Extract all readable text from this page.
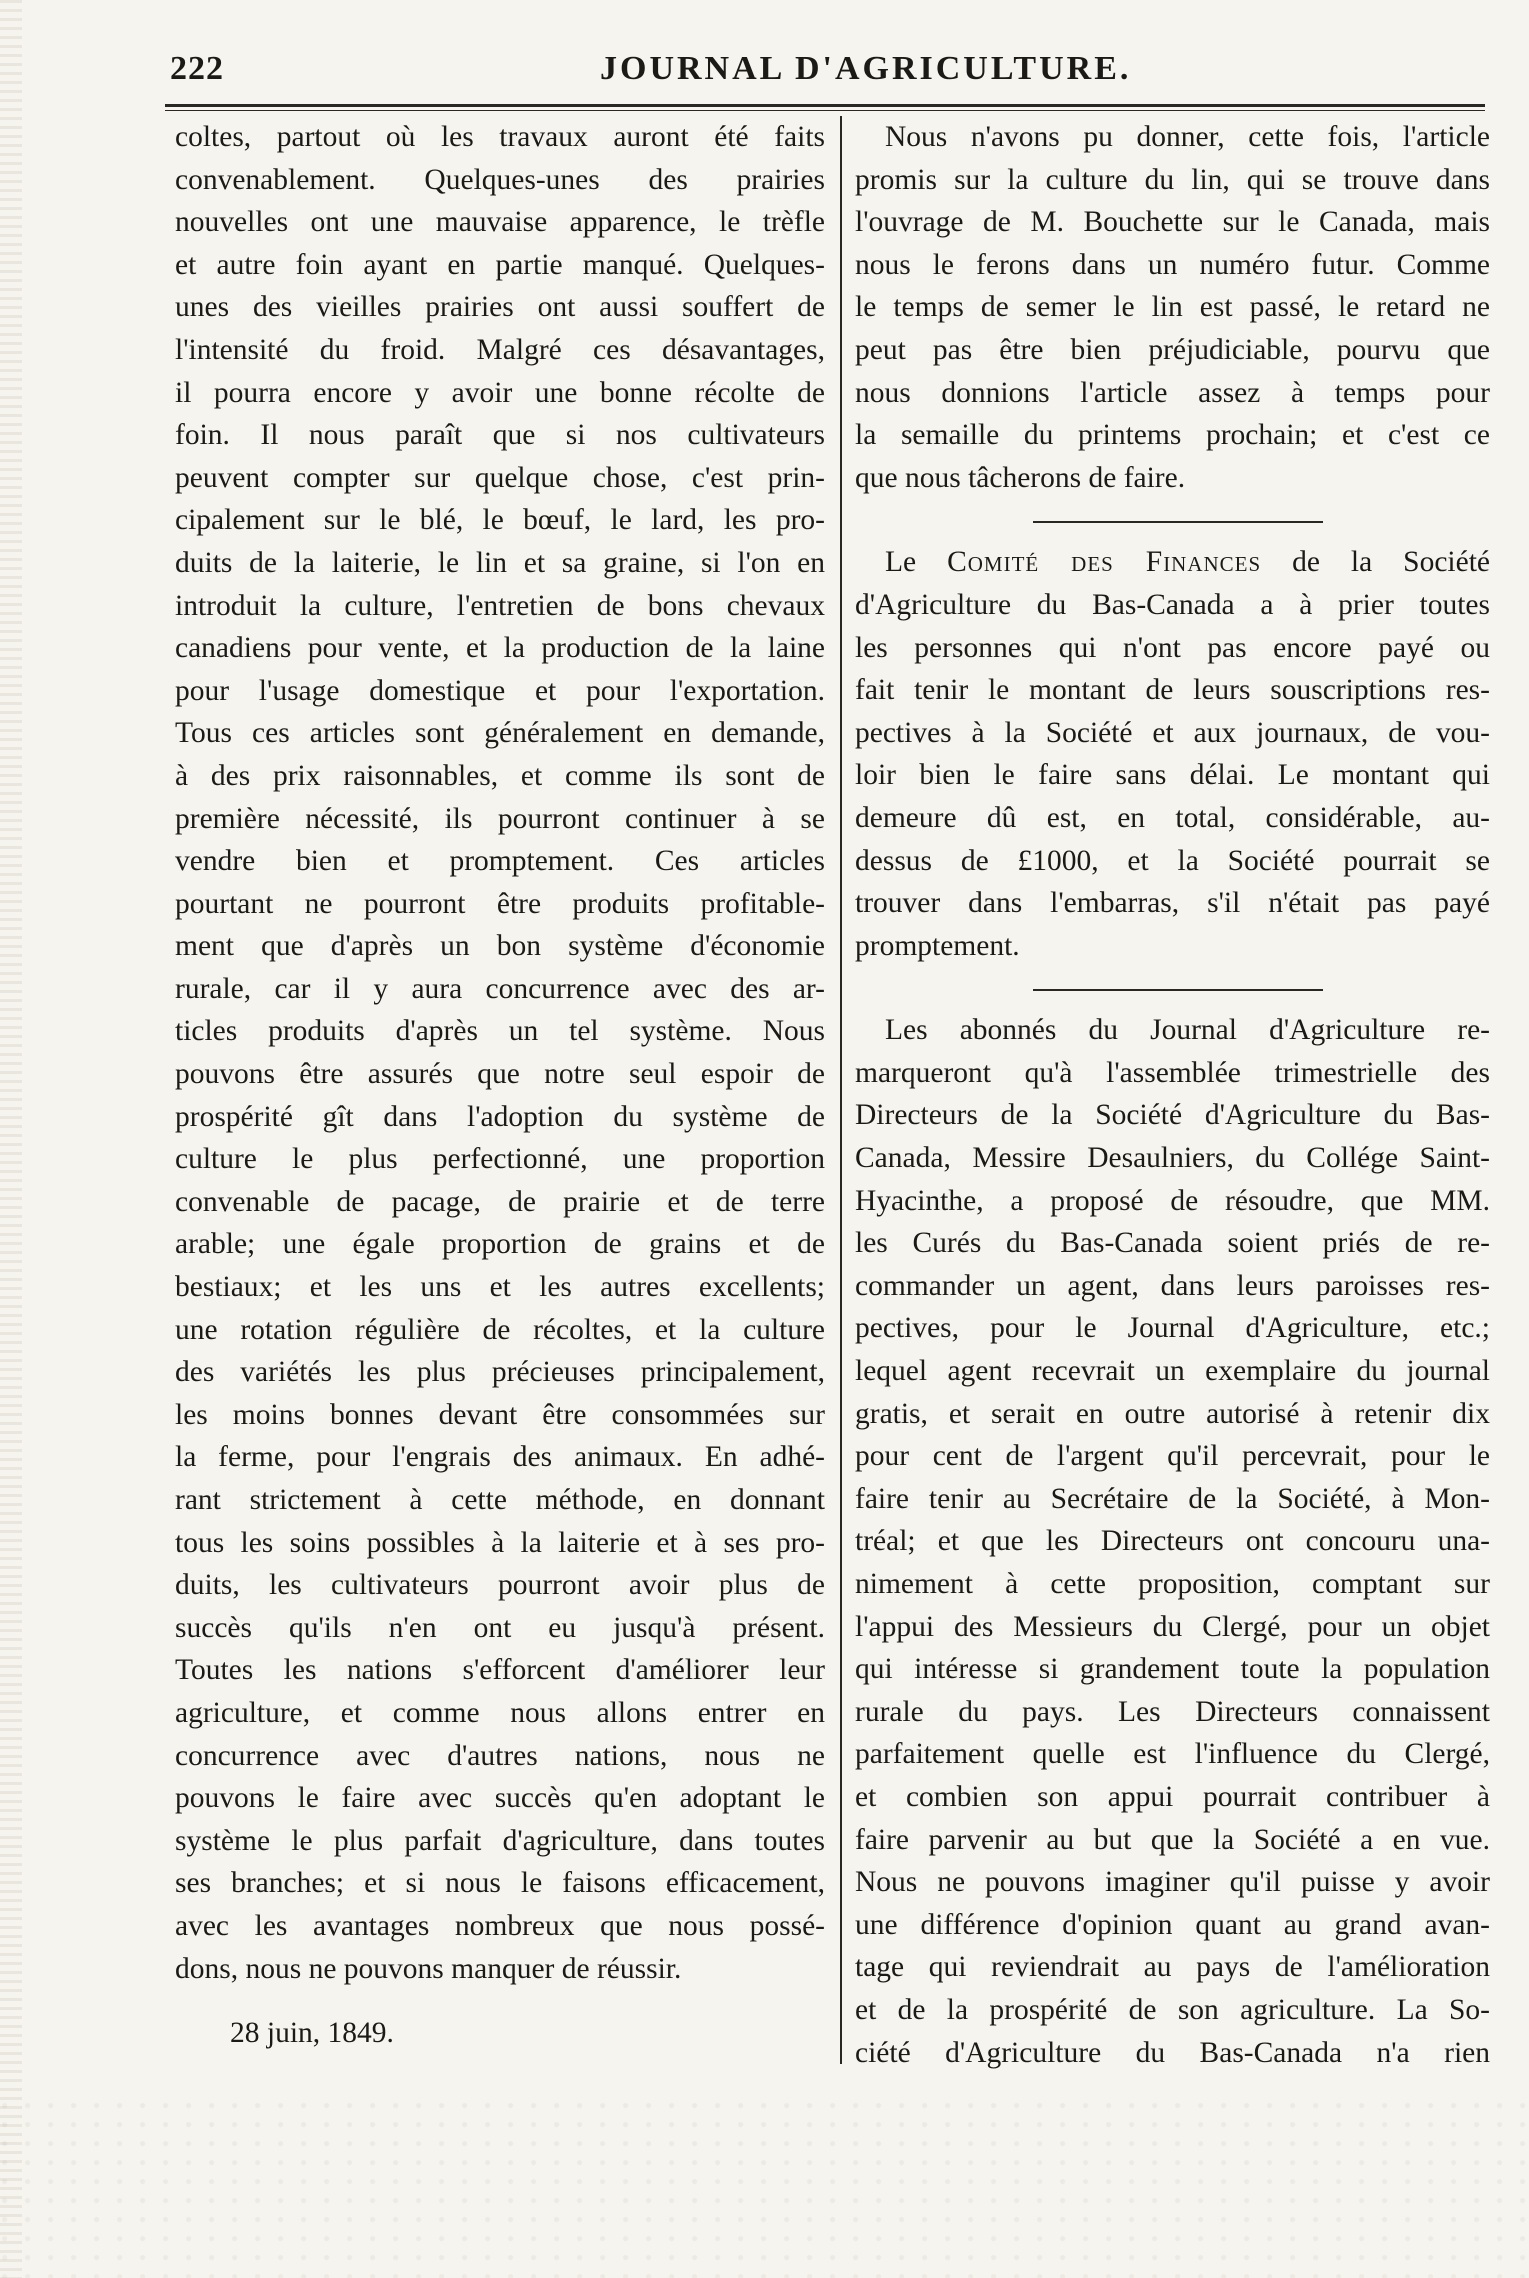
222	JOURNAL D'AGRICULTURE.
coltes, partout où les travaux auront été faits
convenablement. Quelques-unes des prairies
nouvelles ont une mauvaise apparence, le trèfle
et autre foin ayant en partie manqué. Quelques-
unes des vieilles prairies ont aussi souffert de
l'intensité du froid. Malgré ces désavantages,
il pourra encore y avoir une bonne récolte de
foin. Il nous paraît que si nos cultivateurs
peuvent compter sur quelque chose, c'est prin-
cipalement sur le blé, le bœuf, le lard, les pro-
duits de la laiterie, le lin et sa graine, si l'on en
introduit la culture, l'entretien de bons chevaux
canadiens pour vente, et la production de la laine
pour l'usage domestique et pour l'exportation.
Tous ces articles sont généralement en demande,
à des prix raisonnables, et comme ils sont de
première nécessité, ils pourront continuer à se
vendre bien et promptement. Ces articles
pourtant ne pourront être produits profitable-
ment que d'après un bon système d'économie
rurale, car il y aura concurrence avec des ar-
ticles produits d'après un tel système. Nous
pouvons être assurés que notre seul espoir de
prospérité gît dans l'adoption du système de
culture le plus perfectionné, une proportion
convenable de pacage, de prairie et de terre
arable; une égale proportion de grains et de
bestiaux; et les uns et les autres excellents;
une rotation régulière de récoltes, et la culture
des variétés les plus précieuses principalement,
les moins bonnes devant être consommées sur
la ferme, pour l'engrais des animaux. En adhé-
rant strictement à cette méthode, en donnant
tous les soins possibles à la laiterie et à ses pro-
duits, les cultivateurs pourront avoir plus de
succès qu'ils n'en ont eu jusqu'à présent.
Toutes les nations s'efforcent d'améliorer leur
agriculture, et comme nous allons entrer en
concurrence avec d'autres nations, nous ne
pouvons le faire avec succès qu'en adoptant le
système le plus parfait d'agriculture, dans toutes
ses branches; et si nous le faisons efficacement,
avec les avantages nombreux que nous possé-
dons, nous ne pouvons manquer de réussir.
28 juin, 1849.
Nous n'avons pu donner, cette fois, l'article
promis sur la culture du lin, qui se trouve dans
l'ouvrage de M. Bouchette sur le Canada, mais
nous le ferons dans un numéro futur. Comme
le temps de semer le lin est passé, le retard ne
peut pas être bien préjudiciable, pourvu que
nous donnions l'article assez à temps pour
la semaille du printems prochain; et c'est ce
que nous tâcherons de faire.
Le Comité des Finances de la Société
d'Agriculture du Bas-Canada a à prier toutes
les personnes qui n'ont pas encore payé ou
fait tenir le montant de leurs souscriptions res-
pectives à la Société et aux journaux, de vou-
loir bien le faire sans délai. Le montant qui
demeure dû est, en total, considérable, au-
dessus de £1000, et la Société pourrait se
trouver dans l'embarras, s'il n'était pas payé
promptement.
Les abonnés du Journal d'Agriculture re-
marqueront qu'à l'assemblée trimestrielle des
Directeurs de la Société d'Agriculture du Bas-
Canada, Messire Desaulniers, du Collége Saint-
Hyacinthe, a proposé de résoudre, que MM.
les Curés du Bas-Canada soient priés de re-
commander un agent, dans leurs paroisses res-
pectives, pour le Journal d'Agriculture, etc.;
lequel agent recevrait un exemplaire du journal
gratis, et serait en outre autorisé à retenir dix
pour cent de l'argent qu'il percevrait, pour le
faire tenir au Secrétaire de la Société, à Mon-
tréal; et que les Directeurs ont concouru una-
nimement à cette proposition, comptant sur
l'appui des Messieurs du Clergé, pour un objet
qui intéresse si grandement toute la population
rurale du pays. Les Directeurs connaissent
parfaitement quelle est l'influence du Clergé,
et combien son appui pourrait contribuer à
faire parvenir au but que la Société a en vue.
Nous ne pouvons imaginer qu'il puisse y avoir
une différence d'opinion quant au grand avan-
tage qui reviendrait au pays de l'amélioration
et de la prospérité de son agriculture. La So-
ciété d'Agriculture du Bas-Canada n'a rien
